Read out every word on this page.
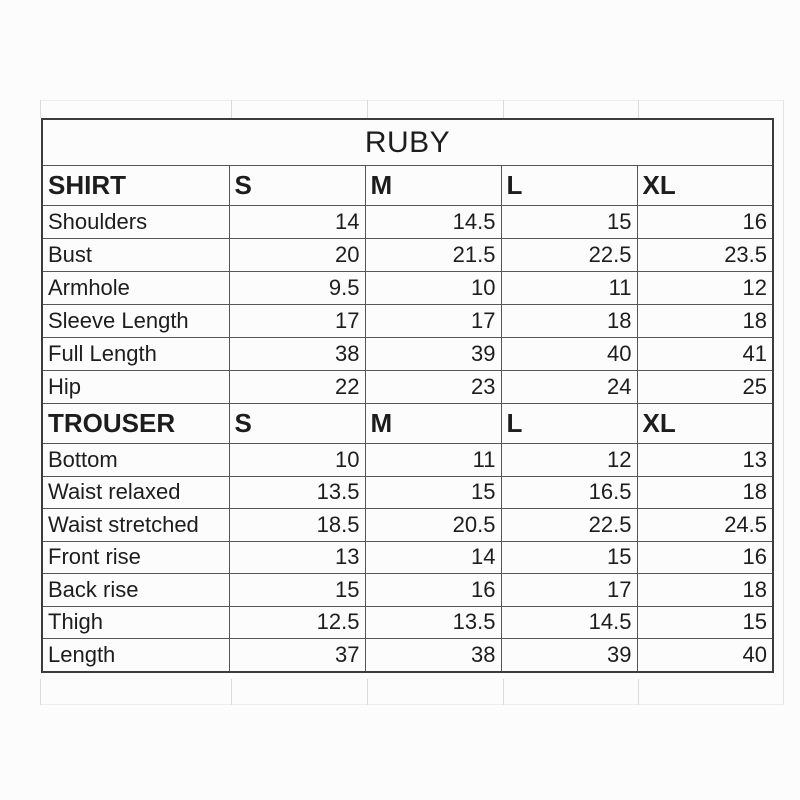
RUBY				
SHIRT	S	M	L	XL
Shoulders	14	14.5	15	16
Bust	20	21.5	22.5	23.5
Armhole	9.5	10	11	12
Sleeve Length	17	17	18	18
Full Length	38	39	40	41
Hip	22	23	24	25
TROUSER	S	M	L	XL
Bottom	10	11	12	13
Waist relaxed	13.5	15	16.5	18
Waist stretched	18.5	20.5	22.5	24.5
Front rise	13	14	15	16
Back rise	15	16	17	18
Thigh	12.5	13.5	14.5	15
Length	37	38	39	40
